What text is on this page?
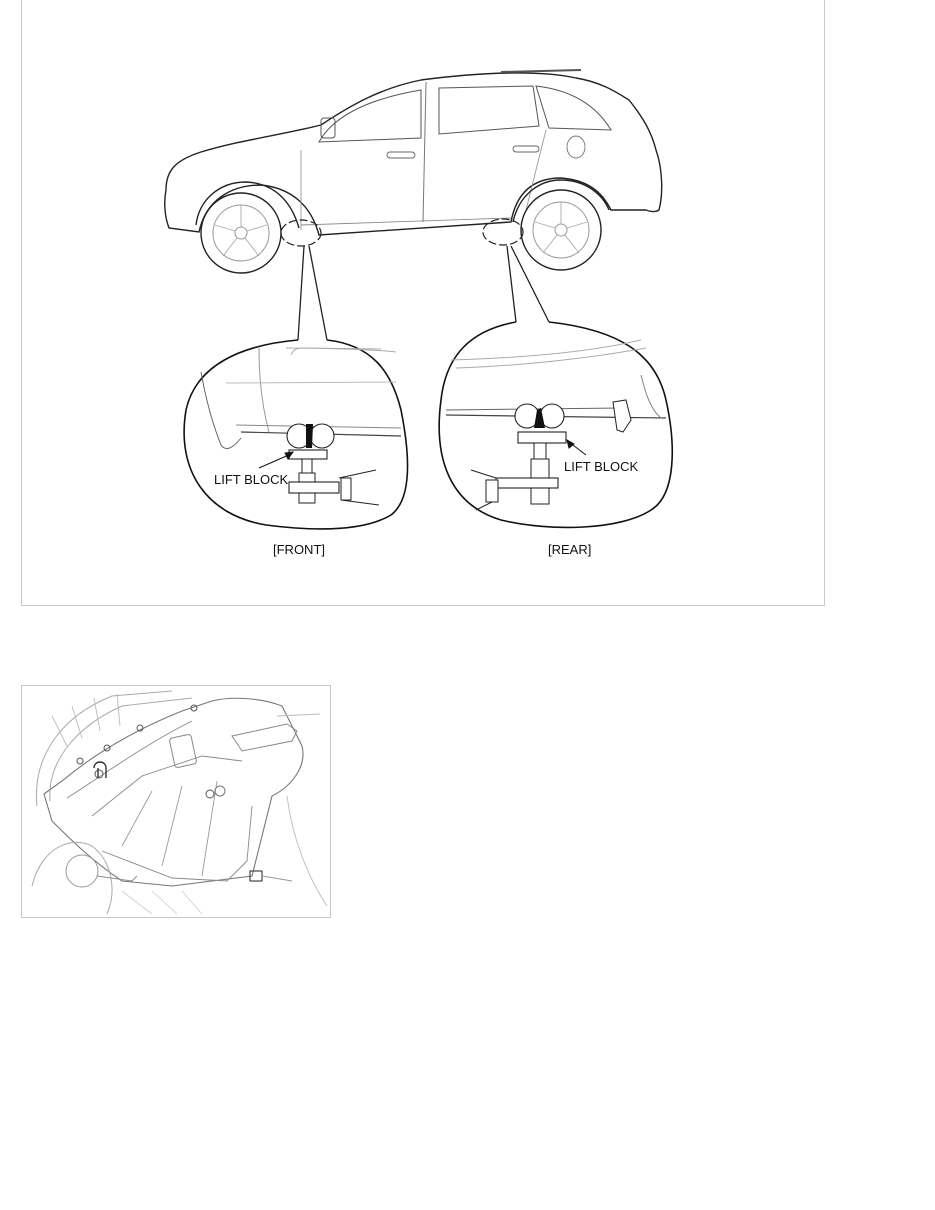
LIFT BLOCK
[FRONT]
LIFT BLOCK
[REAR]
